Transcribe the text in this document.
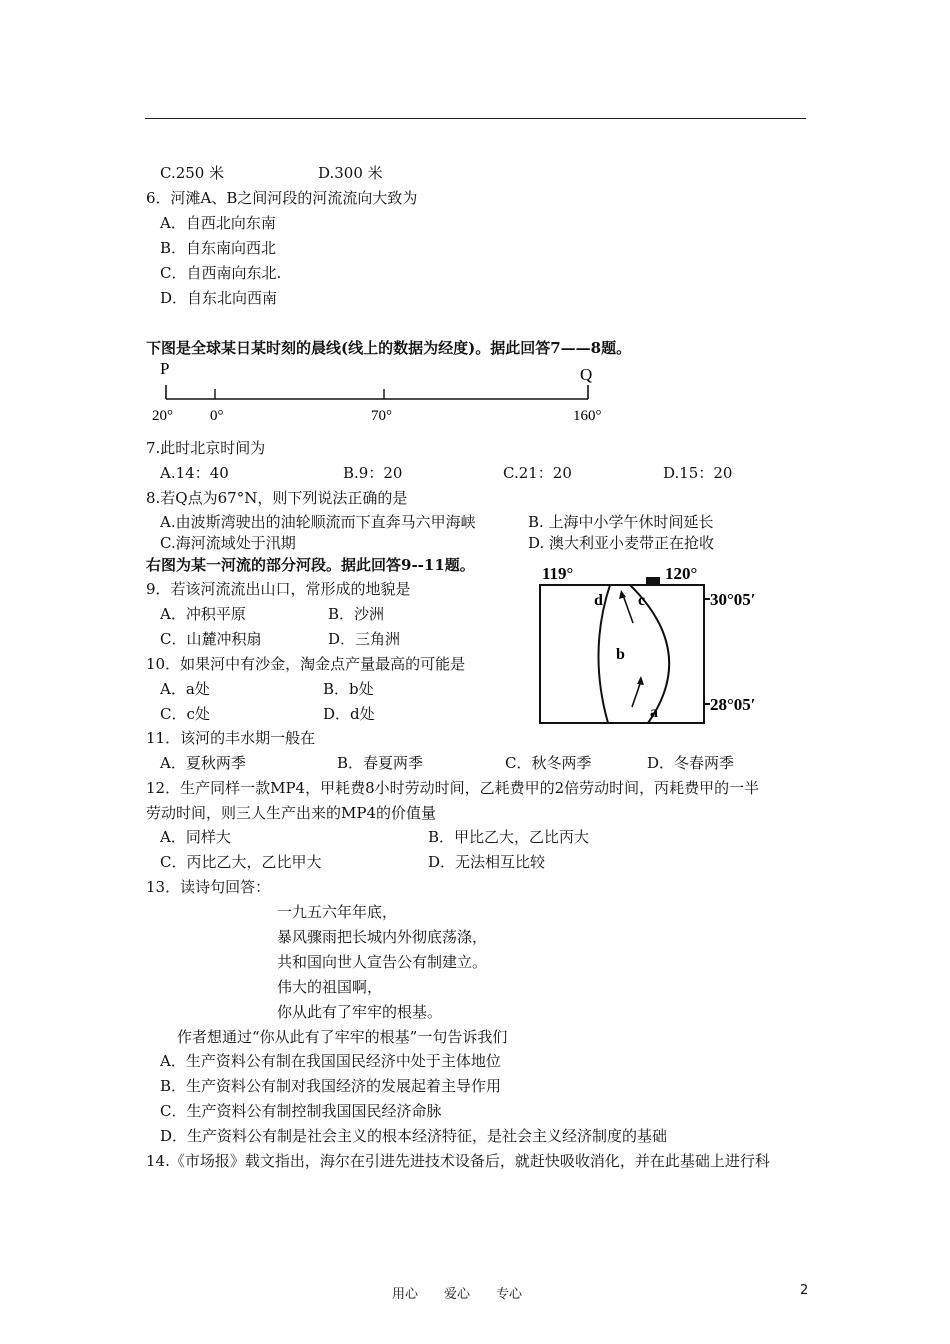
C.250 米	D.300 米
6．河滩A、B之间河段的河流流向大致为
A．自西北向东南
B．自东南向西北
C．自西南向东北.
D．自东北向西南
下图是全球某日某时刻的晨线(线上的数据为经度)。据此回答7——8题。
P	Q
20° 0°	70°	160°
7.此时北京时间为
A.14：40	B.9：20	C.21：20	D.15：20
8.若Q点为67°N，则下列说法正确的是
A.由波斯湾驶出的油轮顺流而下直奔马六甲海峡	B. 上海中小学午休时间延长
C.海河流域处于汛期	D. 澳大利亚小麦带正在抢收
右图为某一河流的部分河段。据此回答9--11题。	119°	120°
30°05′
28°05′
a
b
c
d
9．若该河流流出山口，常形成的地貌是
A．冲积平原	B．沙洲
C．山麓冲积扇	D．三角洲
10．如果河中有沙金，淘金点产量最高的可能是
A．a处	B．b处
C．c处	D．d处
11．该河的丰水期一般在
A．夏秋两季	B．春夏两季	C．秋冬两季	D．冬春两季
12．生产同样一款MP4，甲耗费8小时劳动时间，乙耗费甲的2倍劳动时间，丙耗费甲的一半
劳动时间，则三人生产出来的MP4的价值量
A．同样大	B．甲比乙大，乙比丙大
C．丙比乙大，乙比甲大	D．无法相互比较
13．读诗句回答：
一九五六年年底，
暴风骤雨把长城内外彻底荡涤，
共和国向世人宣告公有制建立。
伟大的祖国啊，
你从此有了牢牢的根基。
作者想通过“你从此有了牢牢的根基”一句告诉我们
A．生产资料公有制在我国国民经济中处于主体地位
B．生产资料公有制对我国经济的发展起着主导作用
C．生产资料公有制控制我国国民经济命脉
D．生产资料公有制是社会主义的根本经济特征，是社会主义经济制度的基础
14.《市场报》载文指出，海尔在引进先进技术设备后，就赶快吸收消化，并在此基础上进行科
用心　　爱心　　专心	2
